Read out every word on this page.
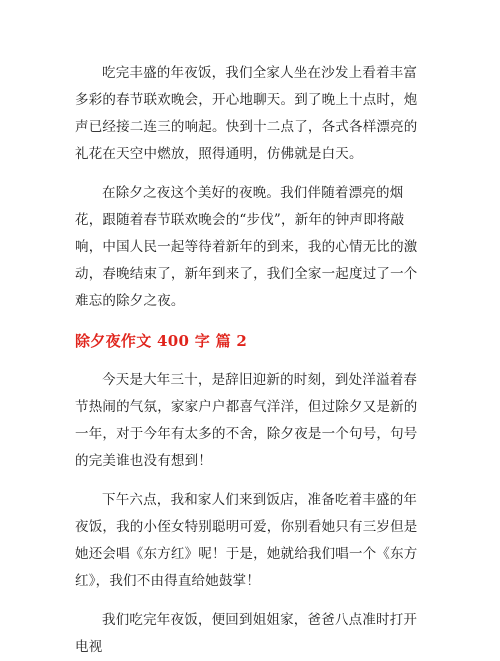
吃完丰盛的年夜饭，我们全家人坐在沙发上看着丰富多彩的春节联欢晚会，开心地聊天。到了晚上十点时，炮声已经接二连三的响起。快到十二点了，各式各样漂亮的礼花在天空中燃放，照得通明，仿佛就是白天。

在除夕之夜这个美好的夜晚。我们伴随着漂亮的烟花，跟随着春节联欢晚会的“步伐”，新年的钟声即将敲响，中国人民一起等待着新年的到来，我的心情无比的激动，春晚结束了，新年到来了，我们全家一起度过了一个难忘的除夕之夜。

除夕夜作文 400 字 篇 2

今天是大年三十，是辞旧迎新的时刻，到处洋溢着春节热闹的气氛，家家户户都喜气洋洋，但过除夕又是新的一年，对于今年有太多的不舍，除夕夜是一个句号，句号的完美谁也没有想到！

下午六点，我和家人们来到饭店，准备吃着丰盛的年夜饭，我的小侄女特别聪明可爱，你别看她只有三岁但是她还会唱《东方红》呢！于是，她就给我们唱一个《东方红》，我们不由得直给她鼓掌！

我们吃完年夜饭，便回到姐姐家，爸爸八点准时打开电视
